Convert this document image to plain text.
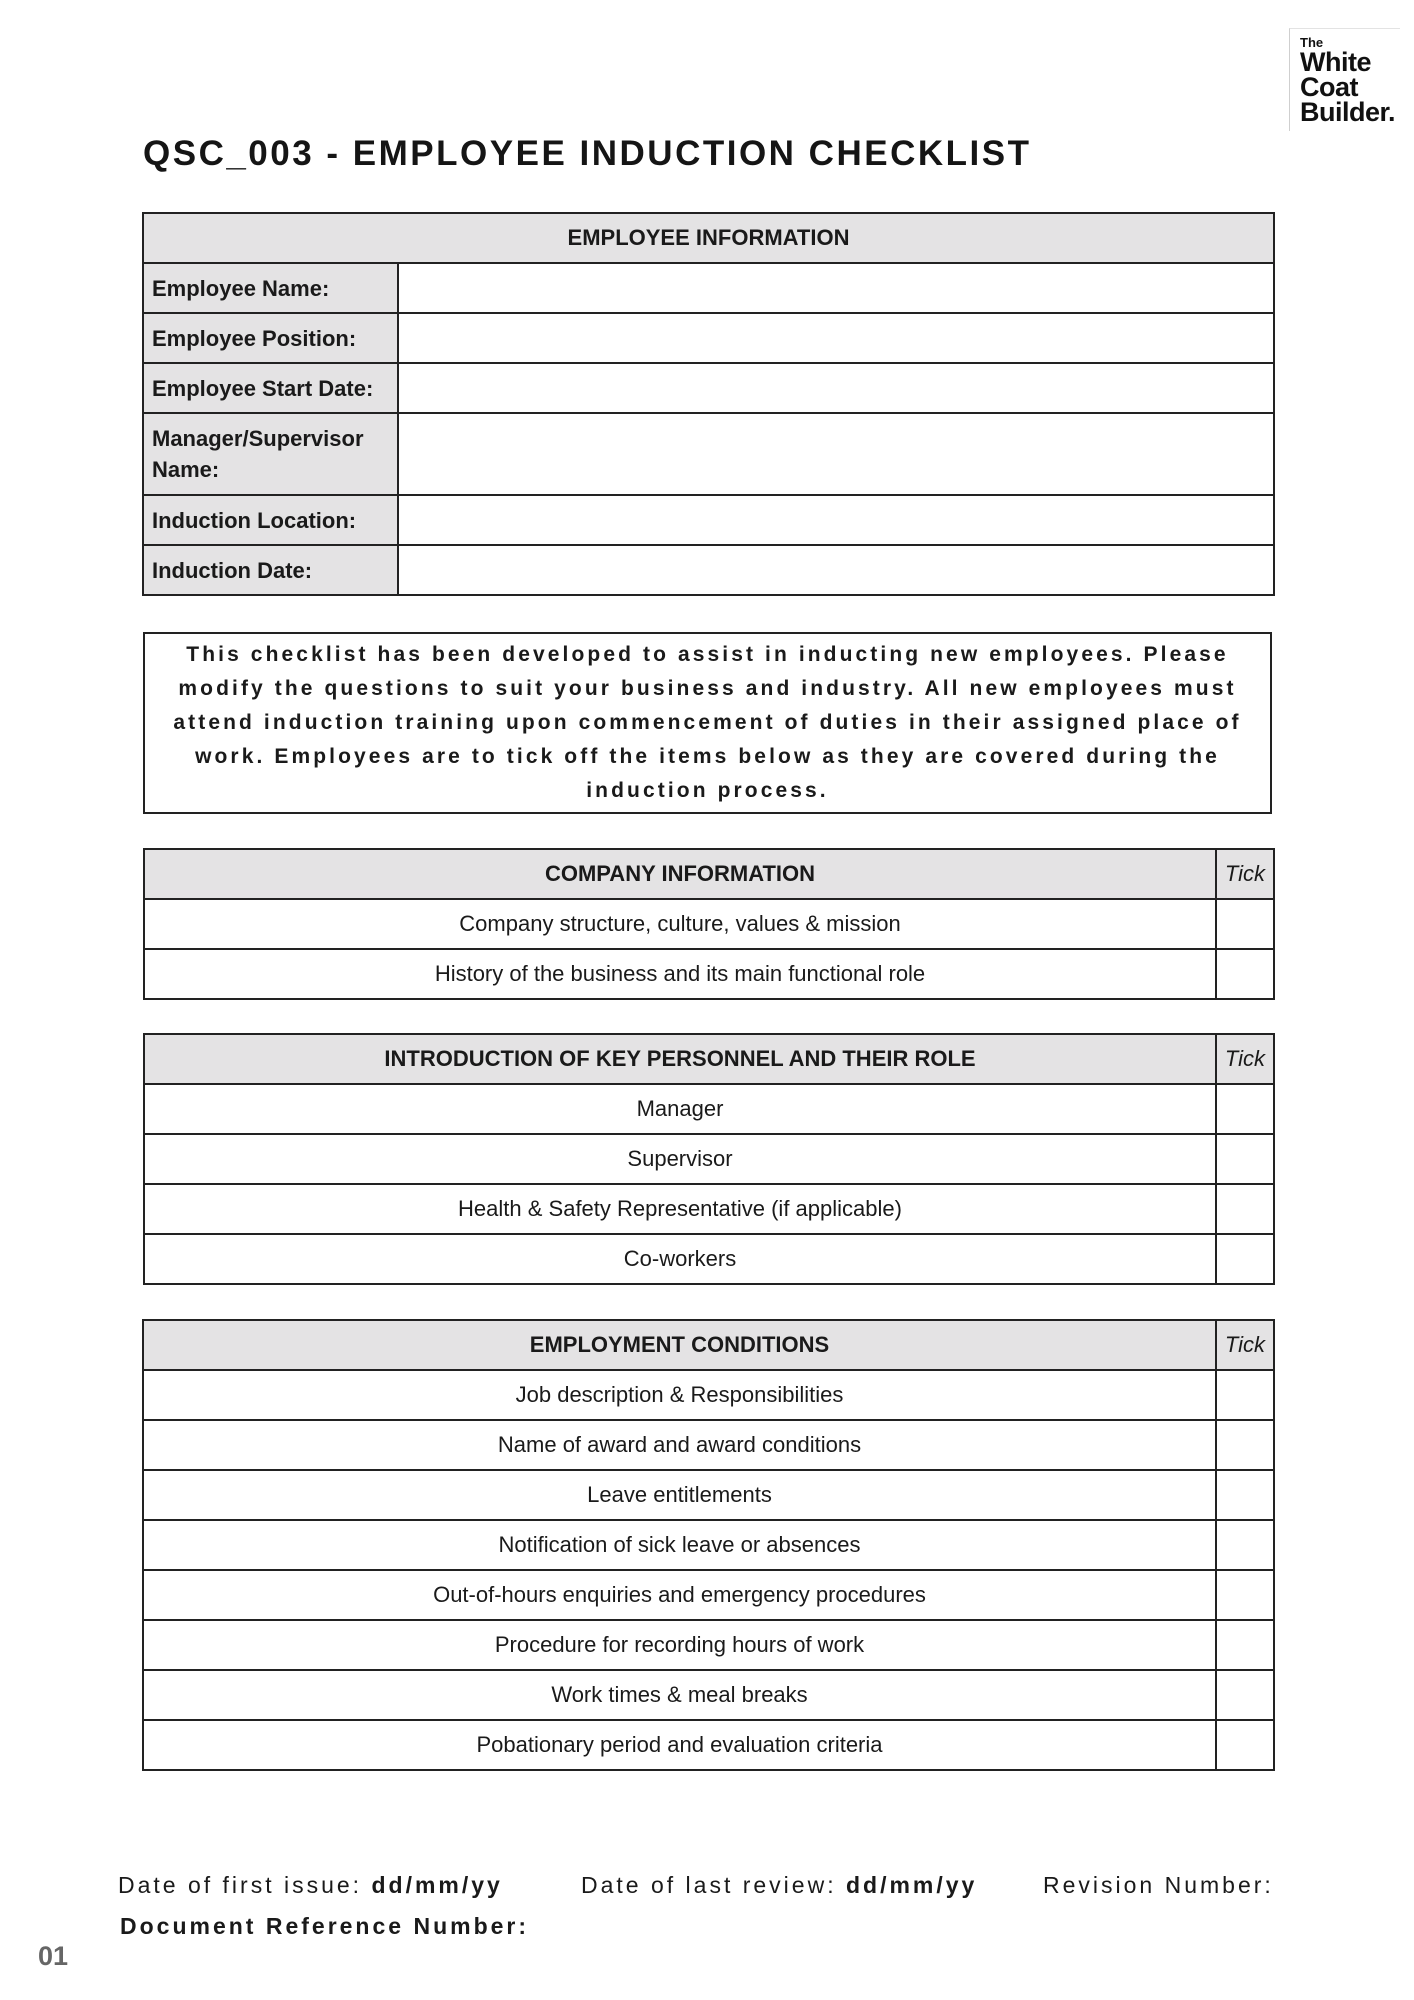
The
White
Coat
Builder.
QSC_003 - EMPLOYEE INDUCTION CHECKLIST
EMPLOYEE INFORMATION	
Employee Name:	
Employee Position:	
Employee Start Date:	
Manager/Supervisor Name:	
Induction Location:	
Induction Date:	
This checklist has been developed to assist in inducting new employees. Please modify the questions to suit your business and industry. All new employees must attend induction training upon commencement of duties in their assigned place of work. Employees are to tick off the items below as they are covered during the induction process.
COMPANY INFORMATION	Tick
Company structure, culture, values & mission	
History of the business and its main functional role	
INTRODUCTION OF KEY PERSONNEL AND THEIR ROLE	Tick
Manager	
Supervisor	
Health & Safety Representative (if applicable)	
Co-workers	
EMPLOYMENT CONDITIONS	Tick
Job description & Responsibilities	
Name of award and award conditions	
Leave entitlements	
Notification of sick leave or absences	
Out-of-hours enquiries and emergency procedures	
Procedure for recording hours of work	
Work times & meal breaks	
Pobationary period and evaluation criteria	
Date of first issue: dd/mm/yy	Date of last review: dd/mm/yy	Revision Number:
Document Reference Number:
01
